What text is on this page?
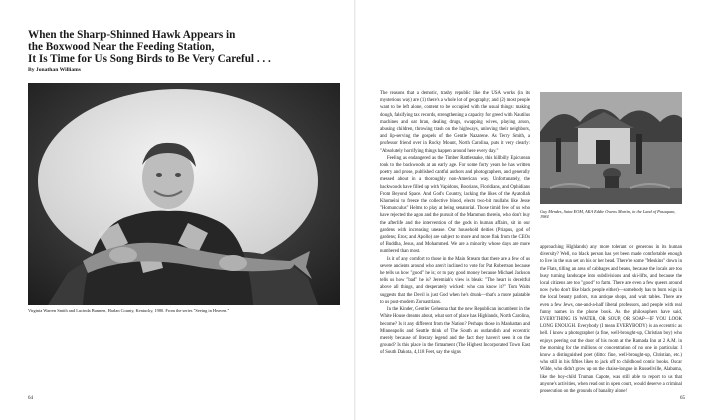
When the Sharp-Shinned Hawk Appears in
the Boxwood Near the Feeding Station,
It Is Time for Us Song Birds to Be Very Careful . . .
By Jonathan Williams

Virginia Warren Smith and Lucinda Bunnen, Harlan County, Kentucky, 1980. From the series "Seeing in Heaven."

64

The reasons that a demotic, trashy republic like the USA works (in its mysterious way) are (1) there's a whole lot of geography; and (2) most people want to be left alone, content to be occupied with the usual things: making dough, falsifying tax records, strengthening a capacity for greed with Nautilus machines and oat bran, dealing drugs, swapping wives, playing arson, abusing children, throwing trash on the highways, unloving their neighbors, and lip-serving the gospels of the Gentle Nazarene. As Terry Smith, a professor friend over in Rocky Mount, North Carolina, puts it very clearly: "Absolutely horrifying things happen around here every day."

Feeling as endangered as the Timber Rattlesnake, this hillbilly Epicurean took to the backwoods at an early age. For some forty years he has written poetry and prose, published cantful authors and photographers, and generally messed about in a thoroughly non-American way. Unfortunately, the backwoods have filled up with Vapidons, Boorians, Floridians, and Ophidians From Beyond Space. And God's Country, lacking the likes of the Ayatollah Khomeini to freeze the collective blood, elects two-bit mullahs like Jesse "Homunculus" Helms to play at being senatorial. Those timid few of us who have rejected the agon and the pursuit of the Mammon therein, who don't buy the afterlife and the intervention of the gods in human affairs, sit in our gardens with increasing unease. Our household deities (Priapus, god of gardens; Eros; and Apollo) are subject to more and more flak from the CEOs of Buddha, Jesus, and Mohammed. We are a minority whose days are more numbered than most.

Is it of any comfort to those in the Main Stream that there are a few of us severe ancients around who aren't inclined to vote for Pat Robertson because he tells us how "good" he is; or to pay good money because Michael Jackson tells us how "bad" he is? Jeremiah's view is bleak: "The heart is deceitful above all things, and desperately wicked: who can know it?" Tom Waits suggests that the Devil is just God when he's drunk—that's a more palatable to us post-modern Zoroastrians.

In the Kinder, Gentler Gehenna that the new Republican incumbent in the White House dreams about, what sort of place has Highlands, North Carolina, become? Is it any different from the Nation? Perhaps those in Manhattan and Minneapolis and Seattle think of The South as outlandish and eccentric merely because of literary legend and the fact they haven't seen it on the ground? Is this place in the firmament (The Highest Incorporated Town East of South Dakota, 4,118 Feet, say the signs

Guy Mendes, Saint EOM, AKA Eddie Owens Martin, in the Land of Pasaquan, 1984

approaching Highlands) any more tolerant or generous in its human diversity? Well, no black person has yet been made comfortable enough to live in the sun set on his or her head. There're some "Meskins" down in the Flats, tilling an area of cabbages and beans, because the locals are too busy turning landscape into subdivisions and ski-lifts, and because the local citizens are too "good" to farm. There are even a few queers around now (who don't like black people either)—somebody has to burn wigs in the local beauty parlors, run antique shops, and wait tables. There are even a few Jews, one-and-a-half liberal professors, and people with real funny names in the phone book. As the philosophers have said, EVERYTHING IS WATER, OR SOUP, OR SOAP—IF YOU LOOK LONG ENOUGH. Everybody (I mean EVERYBODY) is an eccentric as hell. I know a photographer (a fine, well-brought-up, Christian boy) who enjoys peering out the door of his room at the Ramada Inn at 2 A.M. in the morning for the millions or concentration of no one in particular. I know a distinguished poet (ditto: fine, well-brought-up, Christian, etc.) who still in his fifties likes to jack off to childhood comic books. Oscar Wilde, who didn't grow up on the chaise-longue in Russellville, Alabama, like the boy-child Truman Capote, was still able to report to us that anyone's activities, when read out in open court, would deserve a criminal prosecution on the grounds of banality alone!

65
